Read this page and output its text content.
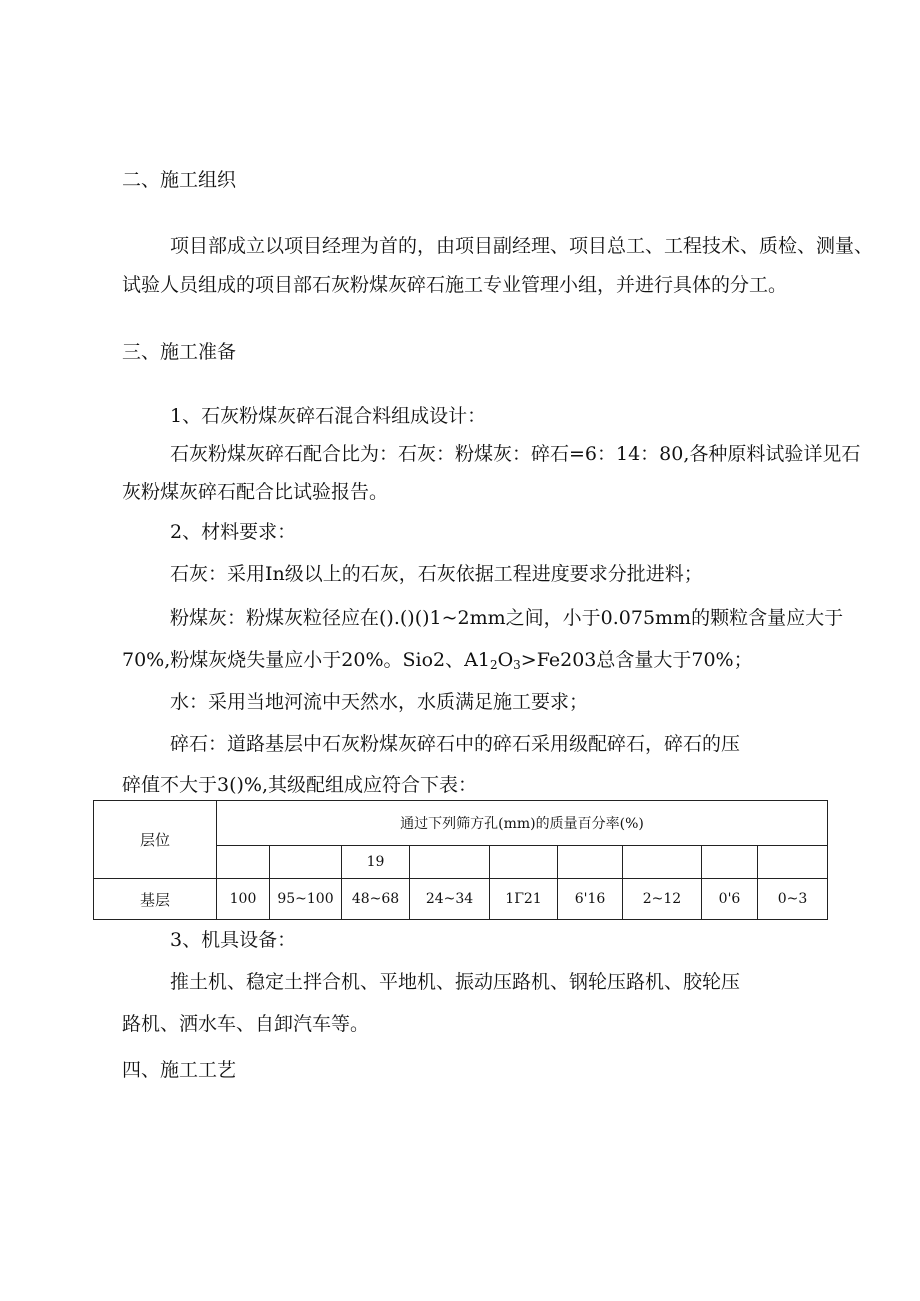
二、施工组织
项目部成立以项目经理为首的，由项目副经理、项目总工、工程技术、质检、测量、
试验人员组成的项目部石灰粉煤灰碎石施工专业管理小组，并进行具体的分工。
三、施工准备
1、石灰粉煤灰碎石混合料组成设计：
石灰粉煤灰碎石配合比为：石灰：粉煤灰：碎石=6：14：80,各种原料试验详见石
灰粉煤灰碎石配合比试验报告。
2、材料要求：
石灰：采用In级以上的石灰，石灰依据工程进度要求分批进料；
粉煤灰：粉煤灰粒径应在().()()1~2mm之间，小于0.075mm的颗粒含量应大于
70%,粉煤灰烧失量应小于20%。Sio2、$A1_2O_3>Fe203$总含量大于70%；
水：采用当地河流中天然水，水质满足施工要求；
碎石：道路基层中石灰粉煤灰碎石中的碎石采用级配碎石，碎石的压
碎值不大于3()%,其级配组成应符合下表：
层位	通过下列筛方孔(mm)的质量百分率(%)								
			19						
基层	100	95~100	48~68	24~34	1Γ21	6'16	2~12	0'6	0~3
3、机具设备：
推土机、稳定土拌合机、平地机、振动压路机、钢轮压路机、胶轮压
路机、洒水车、自卸汽车等。
四、施工工艺
